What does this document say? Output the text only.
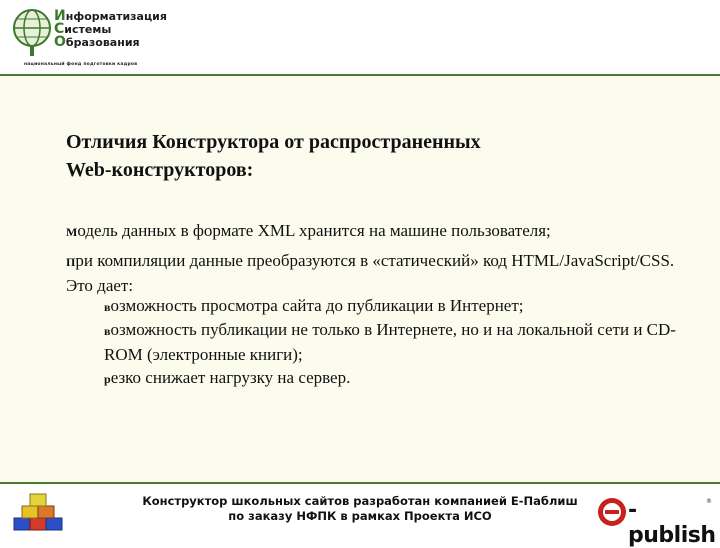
Информатизация
Системы
Образования
национальный фонд подготовки кадров
Отличия Конструктора от распространенных
Web-конструкторов:
Модель данных в формате XML хранится на машине пользователя;
При компиляции данные преобразуются в «статический» код HTML/JavaScript/CSS. Это дает:
возможность просмотра сайта до публикации в Интернет;
возможность публикации не только в Интернете, но и на локальной сети и CD-ROM (электронные книги);
резко снижает нагрузку на сервер.
Конструктор школьных сайтов разработан компанией Е-Паблиш
по заказу НФПК в рамках Проекта ИСО	-publish
®
